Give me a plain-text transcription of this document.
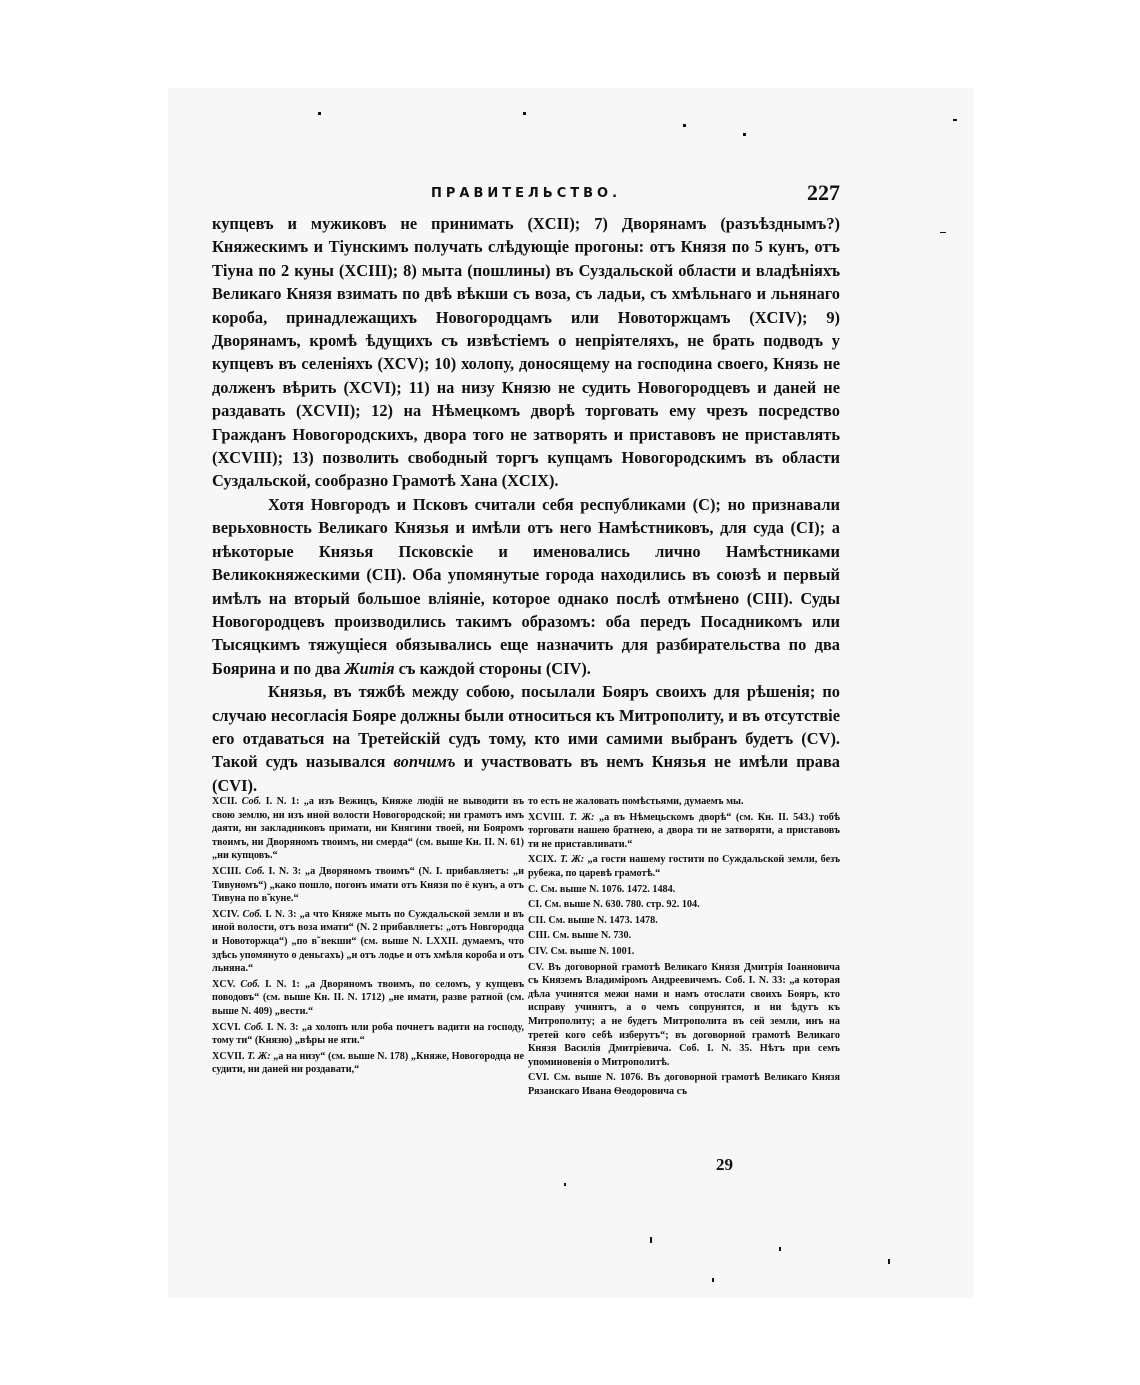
ПРАВИТЕЛЬСТВО.	227

купцевъ и мужиковъ не принимать (XCII); 7) Дворянамъ (разъѣзднымъ?) Княжескимъ и Тіунскимъ получать слѣдующіе прогоны: отъ Князя по 5 кунъ, отъ Тіуна по 2 куны (XCIII); 8) мыта (пошлины) въ Суздальской области и владѣніяхъ Великаго Князя взимать по двѣ вѣкши съ воза, съ ладьи, съ хмѣльнаго и льнянаго короба, принадлежащихъ Новогородцамъ или Новоторжцамъ (XCIV); 9) Дворянамъ, кромѣ ѣдущихъ съ извѣстіемъ о непріятеляхъ, не брать подводъ у купцевъ въ селеніяхъ (XCV); 10) холопу, доносящему на господина своего, Князь не долженъ вѣрить (XCVI); 11) на низу Князю не судить Новогородцевъ и даней не раздавать (XCVII); 12) на Нѣмецкомъ дворѣ торговать ему чрезъ посредство Гражданъ Новогородскихъ, двора того не затворять и приставовъ не приставлять (XCVIII); 13) позволить свободный торгъ купцамъ Новогородскимъ въ области Суздальской, сообразно Грамотѣ Хана (XCIX).

Хотя Новгородъ и Псковъ считали себя республиками (C); но признавали верьховность Великаго Князья и имѣли отъ него Намѣстниковъ, для суда (CI); а нѣкоторые Князья Псковскіе и именовались лично Намѣстниками Великокняжескими (CII). Оба упомянутые города находились въ союзѣ и первый имѣлъ на вторый большое вліяніе, которое однако послѣ отмѣнено (CIII). Суды Новогородцевъ производились такимъ образомъ: оба передъ Посадникомъ или Тысяцкимъ тяжущіеся обязывались еще назначить для разбирательства по два Боярина и по два Житія съ каждой стороны (CIV).

Князья, въ тяжбѣ между собою, посылали Бояръ своихъ для рѣшенія; по случаю несогласія Бояре должны были относиться къ Митрополиту, и въ отсутствіе его отдаваться на Третейскій судъ тому, кто ими самими выбранъ будетъ (CV). Такой судъ назывался вопчимъ и участвовать въ немъ Князья не имѣли права (CVI).

XCII. Соб. I. N. 1: „а изъ Вежицъ, Княже людій не выводити въ свою землю, ни изъ иной волости Новогородской; ни грамотъ имъ даяти, ни закладниковъ примати, ни Княгини твоей, ни Бояромъ твоимъ, ни Дворяномъ твоимъ, ни смерда“ (см. выше Кн. II. N. 61) „ни купцовъ.“

XCIII. Соб. I. N. 3: „а Дворяномъ твоимъ“ (N. I. прибавляетъ: „и Тивуномъ“) „како пошло, погонъ имати отъ Князя по ё кунъ, а отъ Тивуна по в̃ куне.“

XCIV. Соб. I. N. 3: „а что Княже мыть по Суждальской земли и въ иной волости, отъ воза имати“ (N. 2 прибавляетъ: „отъ Новгородца и Новоторжца“) „по в̃ векши“ (см. выше N. LXXII. думаемъ, что здѣсь упомянуто о деньгахъ) „и отъ лодье и отъ хмѣля короба и отъ льняна.“

XCV. Соб. I. N. 1: „а Дворяномъ твоимъ, по селомъ, у купцевъ поводовъ“ (см. выше Кн. II. N. 1712) „не имати, разве ратной (см. выше N. 409) „вести.“

XCVI. Соб. I. N. 3: „а холопъ или роба почнетъ вадити на господу, тому ти“ (Князю) „вѣры не яти.“

XCVII. Т. Ж: „а на низу“ (см. выше N. 178) „Княже, Новогородца не судити, ни даней ни роздавати,“

то есть не жаловать помѣстьями, думаемъ мы.

XCVIII. Т. Ж: „а въ Нѣмецьскомъ дворѣ“ (см. Кн. II. 543.) тобѣ торговати нашею братнею, а двора ти не затворяти, а приставовъ ти не приставливати.“

XCIX. Т. Ж: „а гости нашему гостити по Суждальской земли, безъ рубежа, по царевѣ грамотѣ.“

C. См. выше N. 1076. 1472. 1484.

CI. См. выше N. 630. 780. стр. 92. 104.

CII. См. выше N. 1473. 1478.

CIII. См. выше N. 730.

CIV. См. выше N. 1001.

CV. Въ договорной грамотѣ Великаго Князя Дмитрія Іоанновича съ Княземъ Владиміромъ Андреевичемъ. Соб. I. N. 33: „а которая дѣла учинятся межи нами и намъ отослати своихъ Бояръ, кто исправу учинятъ, а о чемъ сопрунятся, и ни ѣдутъ къ Митрополиту; а не будетъ Митрополита въ сей земли, инъ на третей кого себѣ изберутъ“; въ договорной грамотѣ Великаго Князя Василія Дмитріевича. Соб. I. N. 35. Нѣтъ при семъ упоминовенія о Митрополитѣ.

CVI. См. выше N. 1076. Въ договорной грамотѣ Великаго Князя Рязанскаго Ивана Ѳеодоровича съ

29
